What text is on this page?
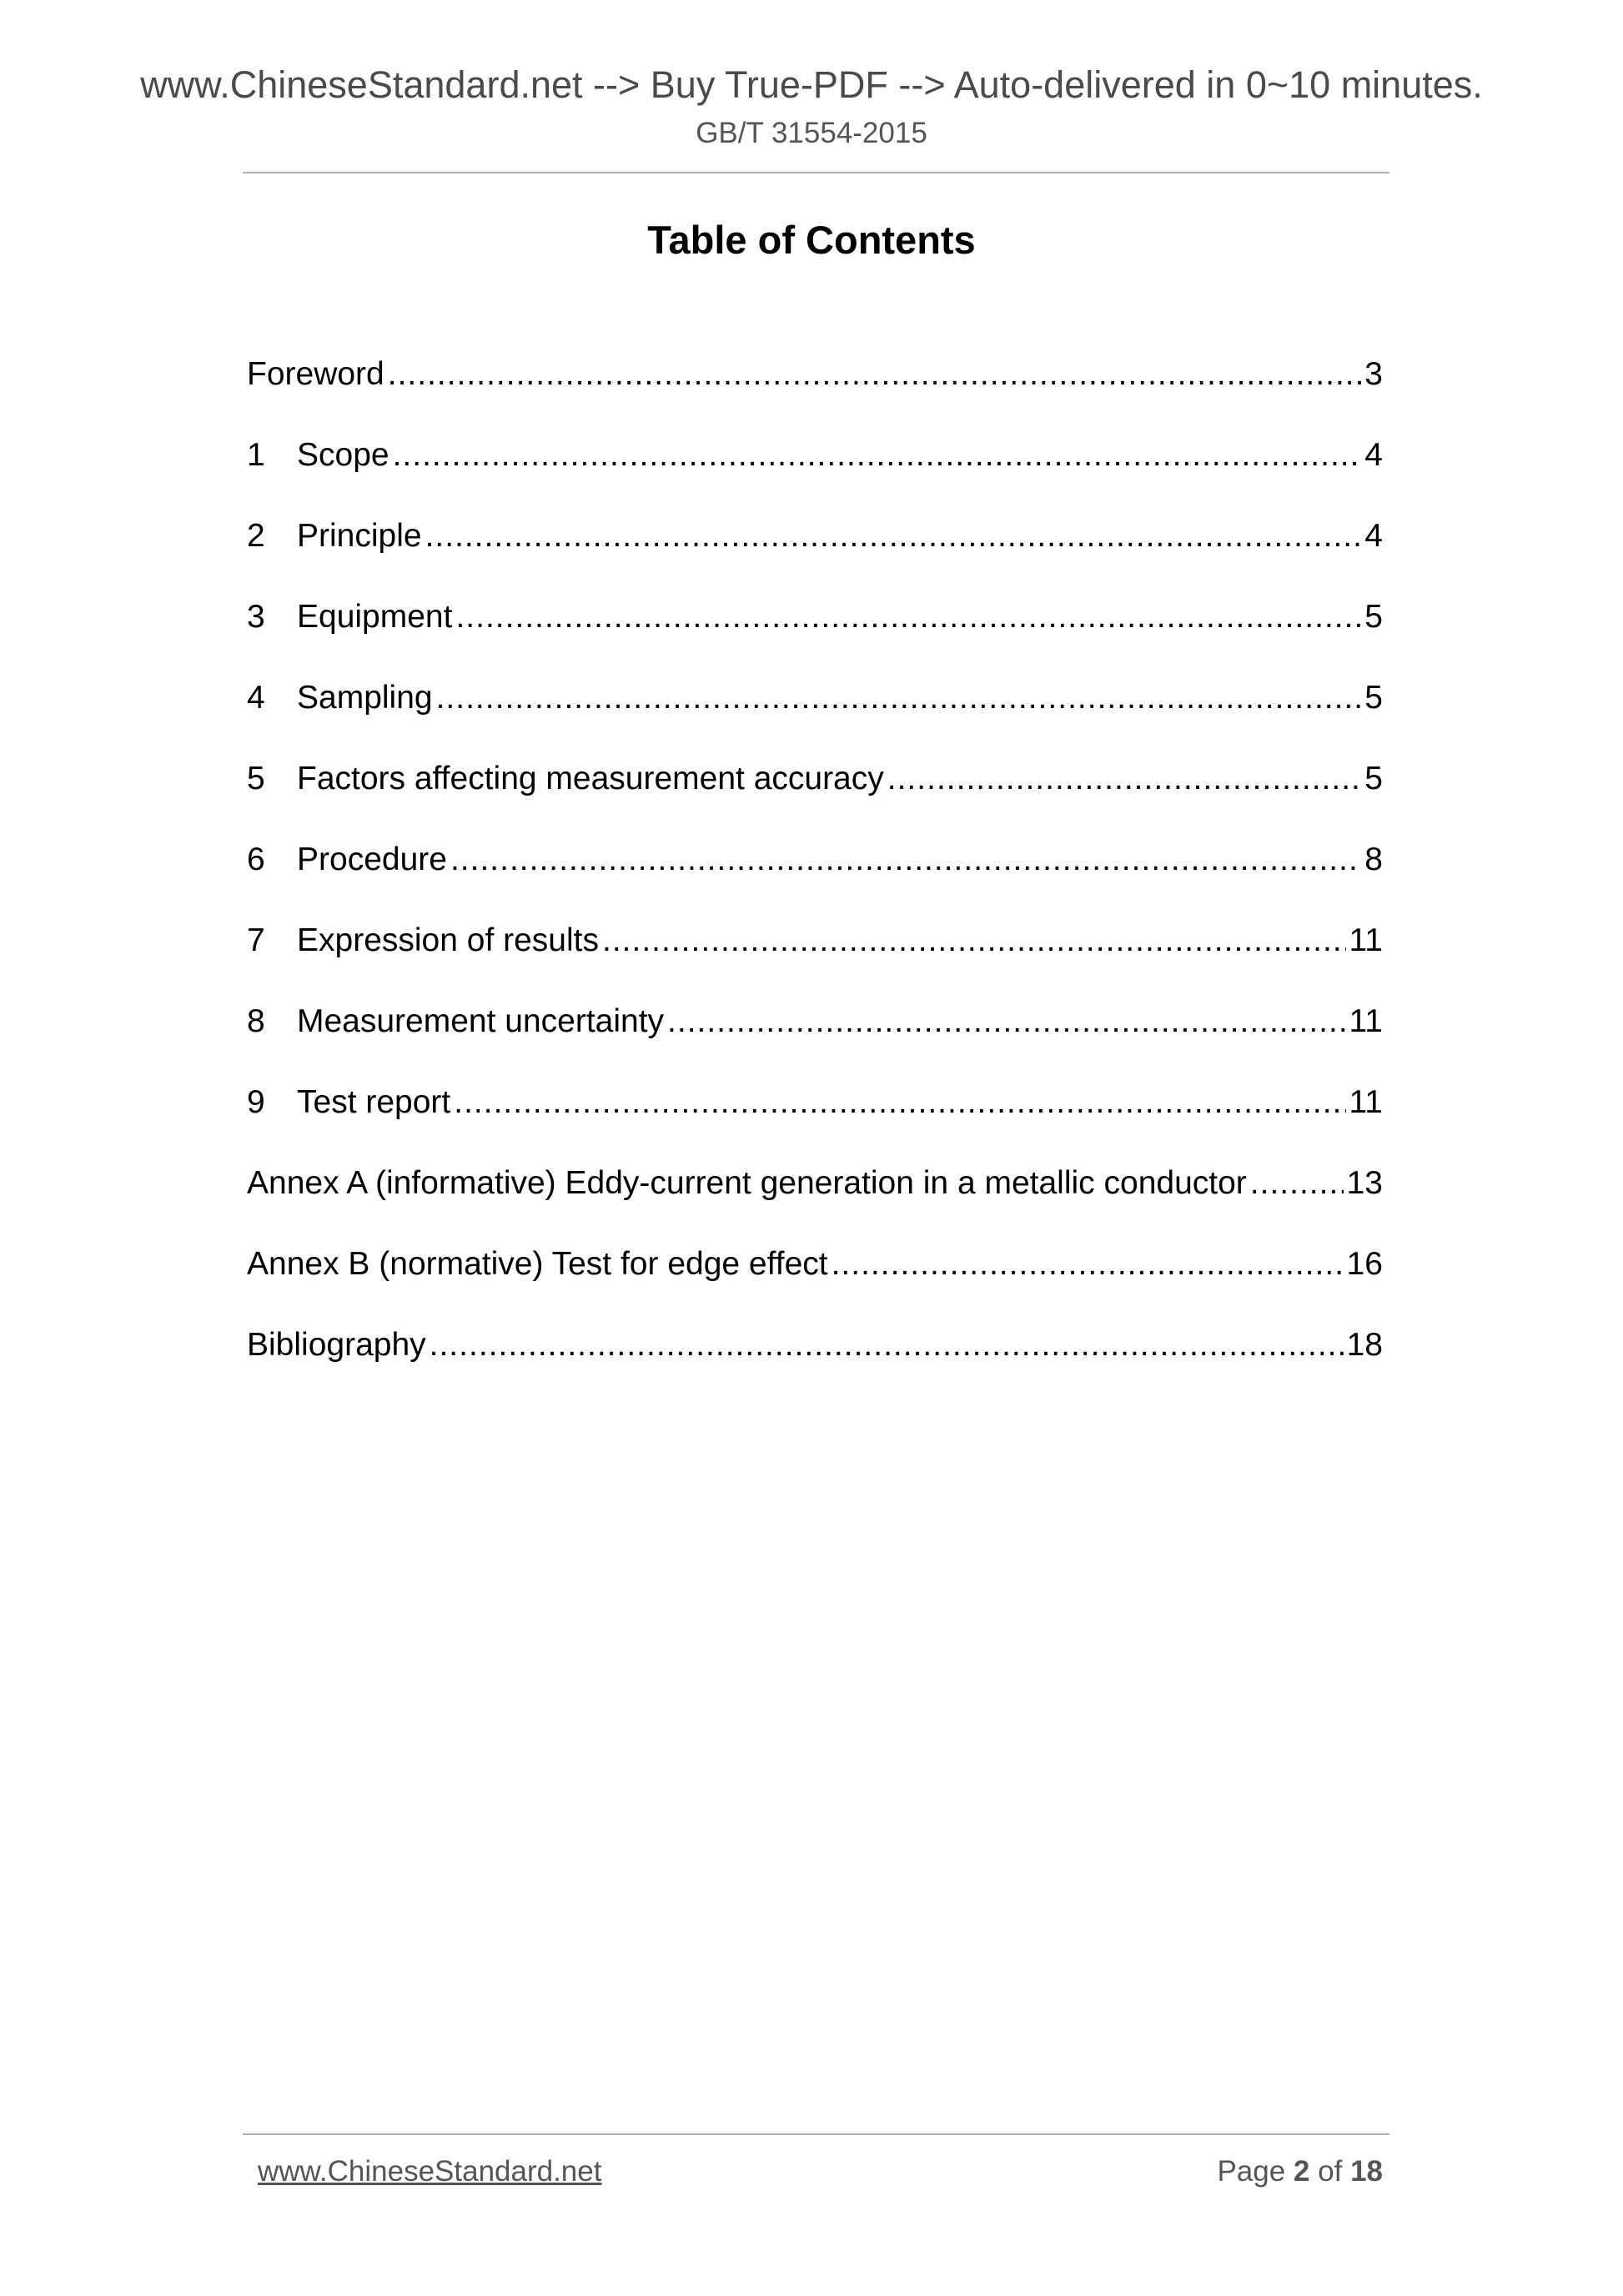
www.ChineseStandard.net --> Buy True-PDF --> Auto-delivered in 0~10 minutes.
GB/T 31554-2015
Table of Contents
Foreword .....	3
1 Scope .....	4
2 Principle .....	4
3 Equipment .....	5
4 Sampling .....	5
5 Factors affecting measurement accuracy .....	5
6 Procedure .....	8
7 Expression of results .....	11
8 Measurement uncertainty .....	11
9 Test report .....	11
Annex A (informative) Eddy-current generation in a metallic conductor .....	13
Annex B (normative) Test for edge effect .....	16
Bibliography .....	18
www.ChineseStandard.net	Page 2 of 18
